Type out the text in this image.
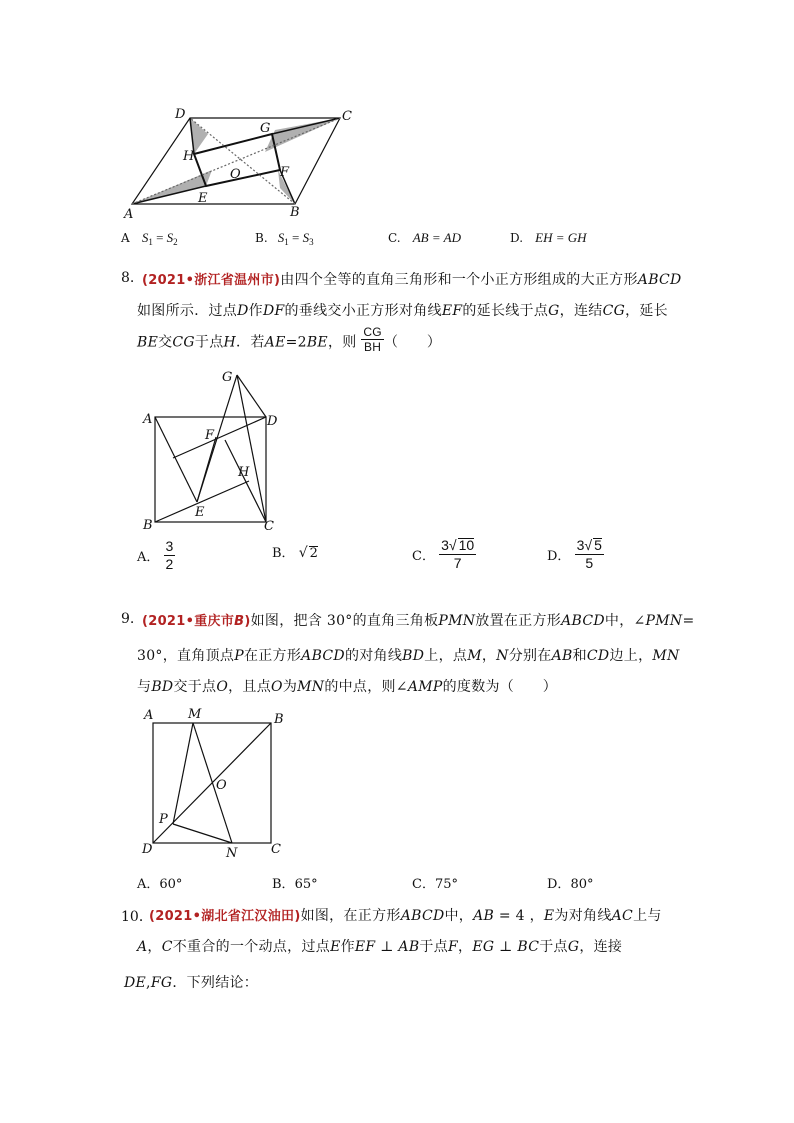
D	C
G
H
O	F
E
A	B
A $S_1 = S_2$	B. $S_1 = S_3$	C. AB = AD	D. EH = GH
8. (2021•浙江省温州市)由四个全等的直角三角形和一个小正方形组成的大正方形ABCD
如图所示．过点D作DF的垂线交小正方形对角线EF的延长线于点G，连结CG，延长
BE交CG于点H．若AE=2BE，则 $\frac{CG}{BH}$ （　　）
G
A	D
F
H
E
B	C
A． $\frac{3}{2}$	B． √ 2	C． $\frac{3√ 10}{7}$	D． $\frac{3√ 5}{5}$
9. (2021•重庆市B)如图，把含 30°的直角三角板PMN放置在正方形ABCD中，∠PMN=
30°，直角顶点P在正方形ABCD的对角线BD上，点M，N分别在AB和CD边上，MN
与BD交于点O，且点O为MN的中点，则∠AMP的度数为（　　）
A	M	B
O
P
D	N	C
A．60°	B．65°	C．75°	D．80°
10．
(2021•湖北省江汉油田)如图，在正方形ABCD中，AB = 4 ，E为对角线AC上与
A，C不重合的一个动点，过点E作EF ⊥ AB于点F，EG ⊥ BC于点G，连接
DE,FG．下列结论：
